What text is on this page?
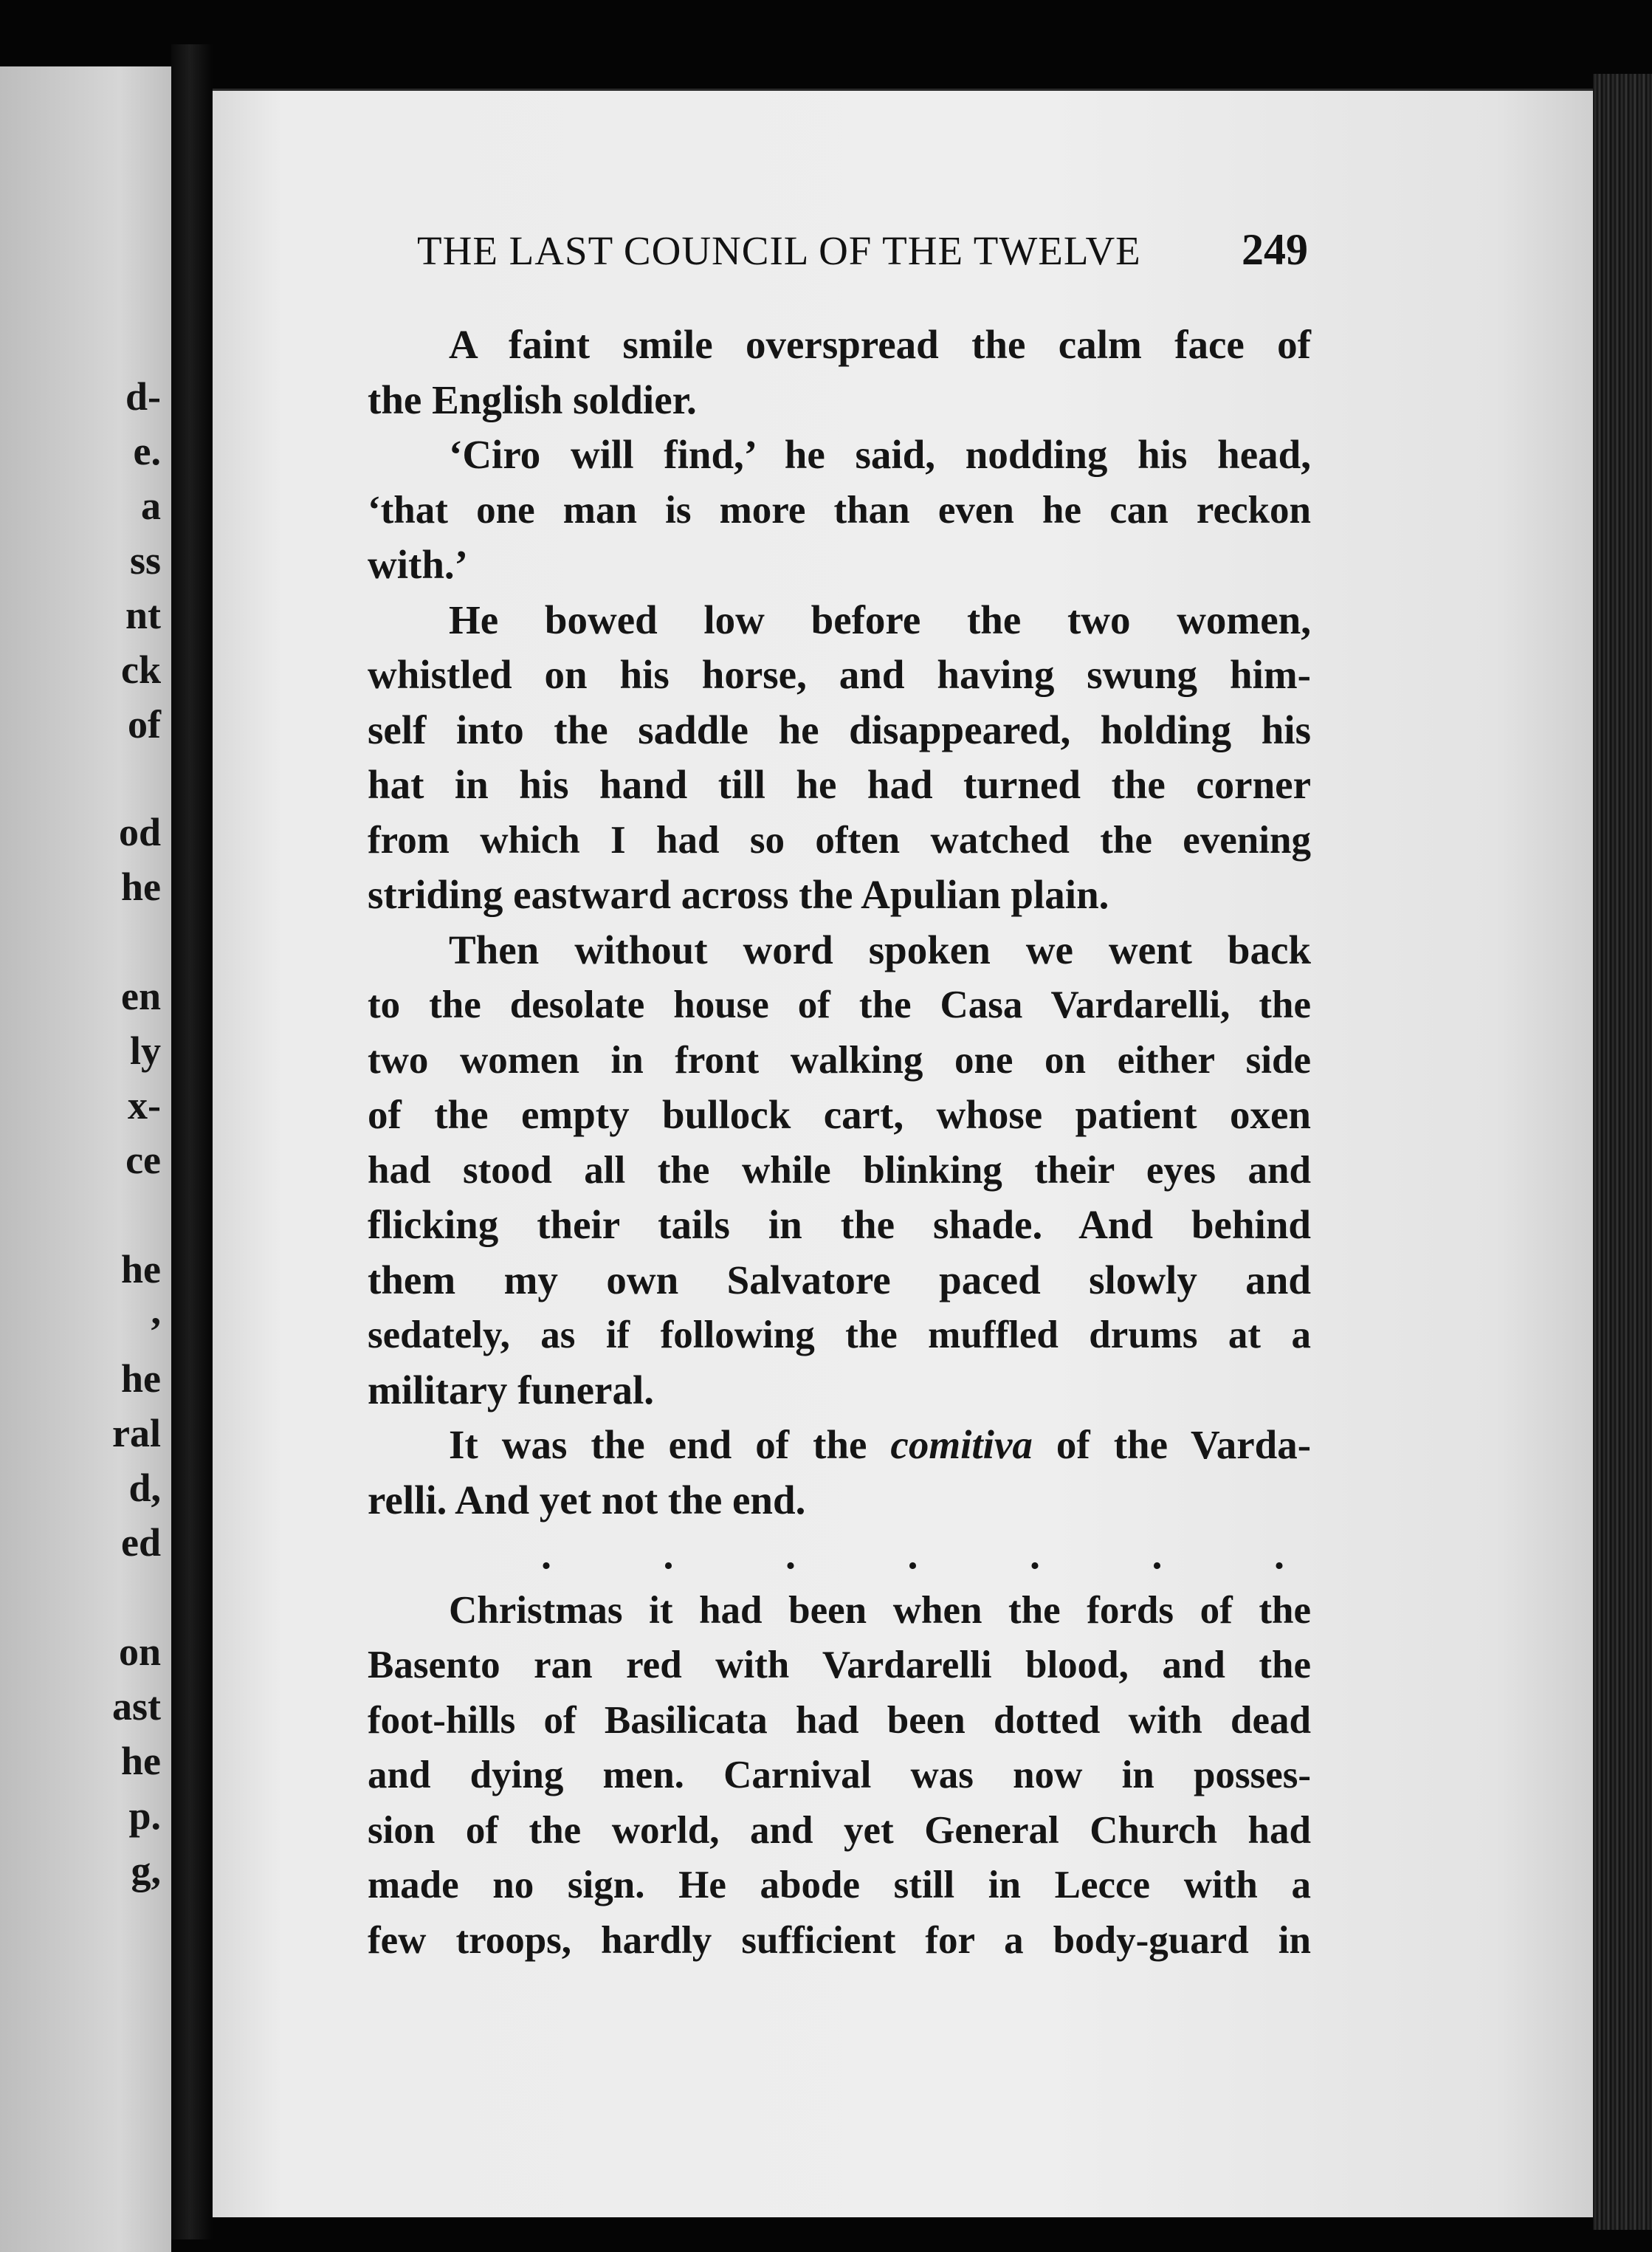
d-
e.
a
ss
nt
ck
of
od
he
en
ly
x-
ce
he
,
he
ral
d,
ed
on
ast
he
p.
g,
THE LAST COUNCIL OF THE TWELVE	249
A faint smile overspread the calm face of
the English soldier.
‘Ciro will find,’ he said, nodding his head,
‘that one man is more than even he can reckon
with.’
He bowed low before the two women,
whistled on his horse, and having swung him-
self into the saddle he disappeared, holding his
hat in his hand till he had turned the corner
from which I had so often watched the evening
striding eastward across the Apulian plain.
Then without word spoken we went back
to the desolate house of the Casa Vardarelli, the
two women in front walking one on either side
of the empty bullock cart, whose patient oxen
had stood all the while blinking their eyes and
flicking their tails in the shade. And behind
them my own Salvatore paced slowly and
sedately, as if following the muffled drums at a
military funeral.
It was the end of the comitiva of the Varda-
relli. And yet not the end.
.	.	.	.	.	.	.
Christmas it had been when the fords of the
Basento ran red with Vardarelli blood, and the
foot-hills of Basilicata had been dotted with dead
and dying men. Carnival was now in posses-
sion of the world, and yet General Church had
made no sign. He abode still in Lecce with a
few troops, hardly sufficient for a body-guard in
